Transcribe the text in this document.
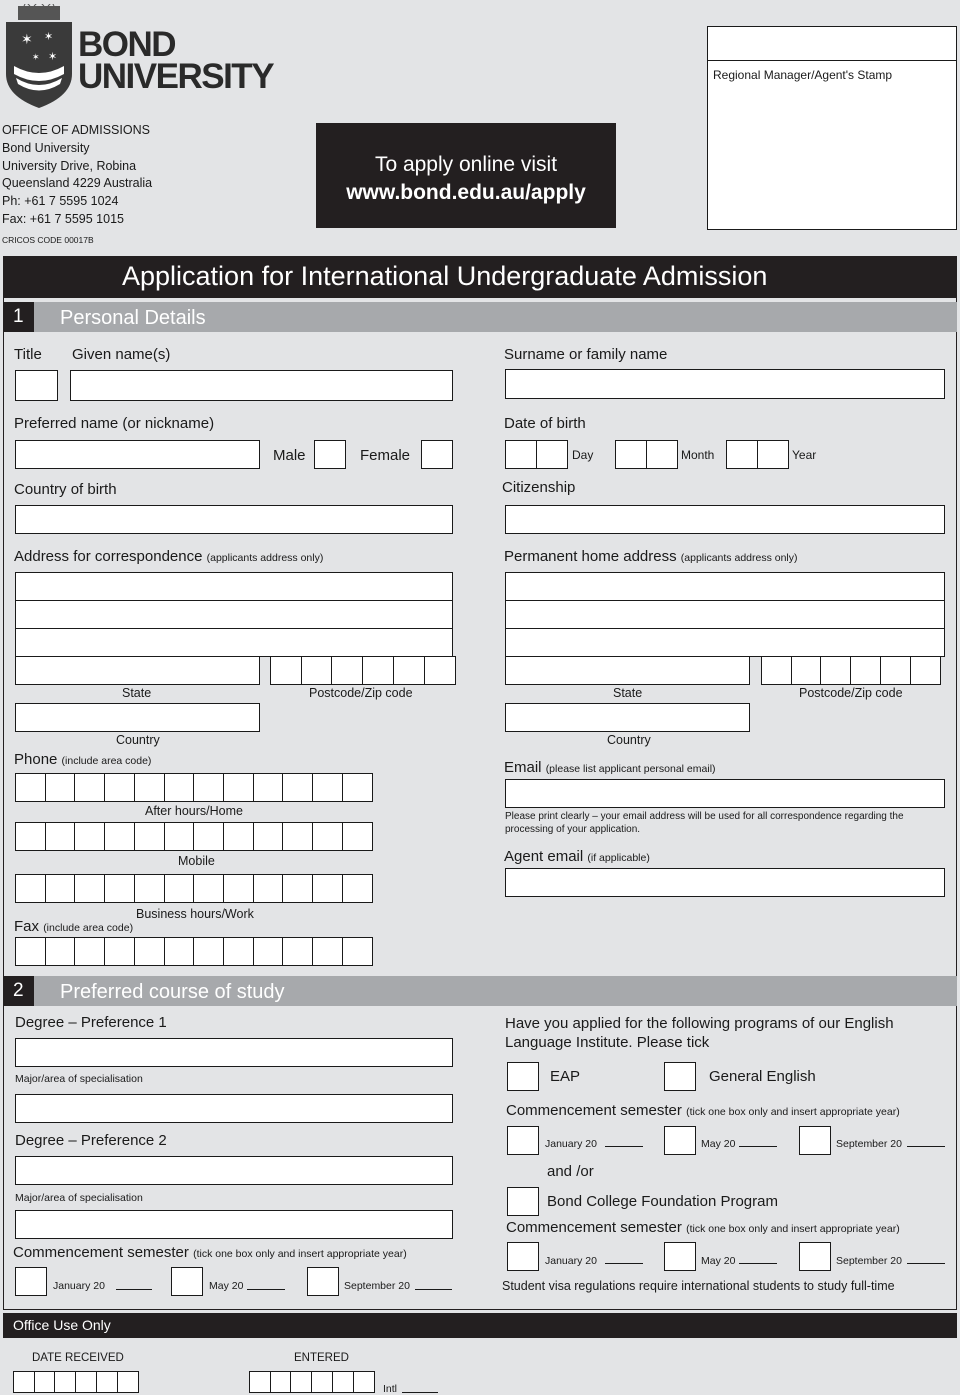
✶ ✶
✶
✶ BOND
UNIVERSITY
OFFICE OF ADMISSIONS
Bond University
University Drive, Robina
Queensland 4229 Australia
Ph: +61 7 5595 1024
Fax: +61 7 5595 1015
CRICOS CODE 00017B
To apply online visit
www.bond.edu.au/apply
Regional Manager/Agent's Stamp
Application for International Undergraduate Admission
1	Personal Details
Title Given name(s)	Surname or family name
Preferred name (or nickname)	Date of birth
Male	Female	Day	Month	Year
Country of birth	Citizenship
Address for correspondence (applicants address only)	Permanent home address (applicants address only)
State	Postcode/Zip code
Country
State	Postcode/Zip code
Country
Phone (include area code)
After hours/Home
Mobile
Business hours/Work
Fax (include area code)
Email (please list applicant personal email)
Please print clearly – your email address will be used for all correspondence regarding the processing of your application.
Agent email (if applicable)
2	Preferred course of study
Degree – Preference 1
Major/area of specialisation
Degree – Preference 2
Major/area of specialisation
Commencement semester (tick one box only and insert appropriate year)
January 20	May 20	September 20
Have you applied for the following programs of our English Language Institute. Please tick
EAP	General English
Commencement semester (tick one box only and insert appropriate year)
January 20	May 20	September 20
and /or
Bond College Foundation Program
Commencement semester (tick one box only and insert appropriate year)
January 20	May 20	September 20
Student visa regulations require international students to study full-time
Office Use Only
DATE RECEIVED	ENTERED
Intl
